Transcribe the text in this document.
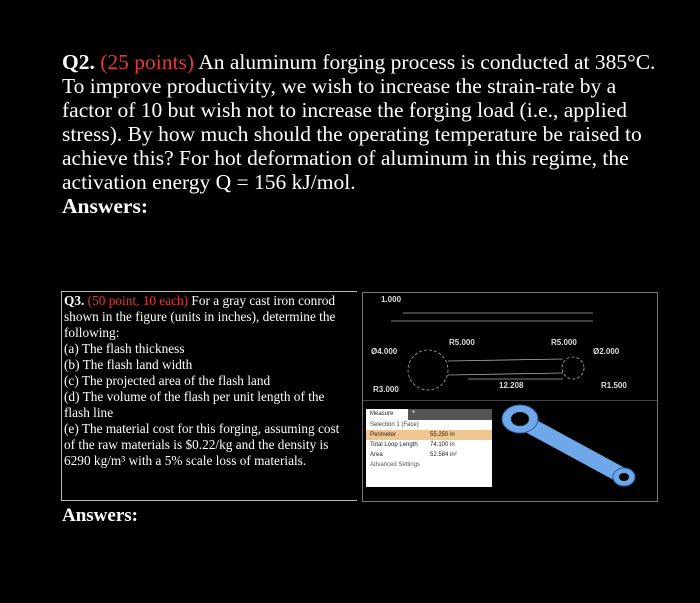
Q2. (25 points) An aluminum forging process is conducted at 385°C. To improve productivity, we wish to increase the strain-rate by a factor of 10 but wish not to increase the forging load (i.e., applied stress). By how much should the operating temperature be raised to achieve this? For hot deformation of aluminum in this regime, the activation energy Q = 156 kJ/mol.
Answers:
Q3. (50 point, 10 each) For a gray cast iron conrod
shown in the figure (units in inches), determine the
following:
(a) The flash thickness
(b) The flash land width
(c) The projected area of the flash land
(d) The volume of the flash per unit length of the
flash line
(e) The material cost for this forging, assuming cost
of the raw materials is $0.22/kg and the density is
6290 kg/m³ with a 5% scale loss of materials.
Answers:
1.000
R5.000	R5.000
Ø4.000	Ø2.000
R3.000	R1.500
12.208
Measure	+
Selection 1 (Face)
Perimeter	55.250 in
Total Loop Length	74.100 in
Area	52.584 in²
Advanced Settings
